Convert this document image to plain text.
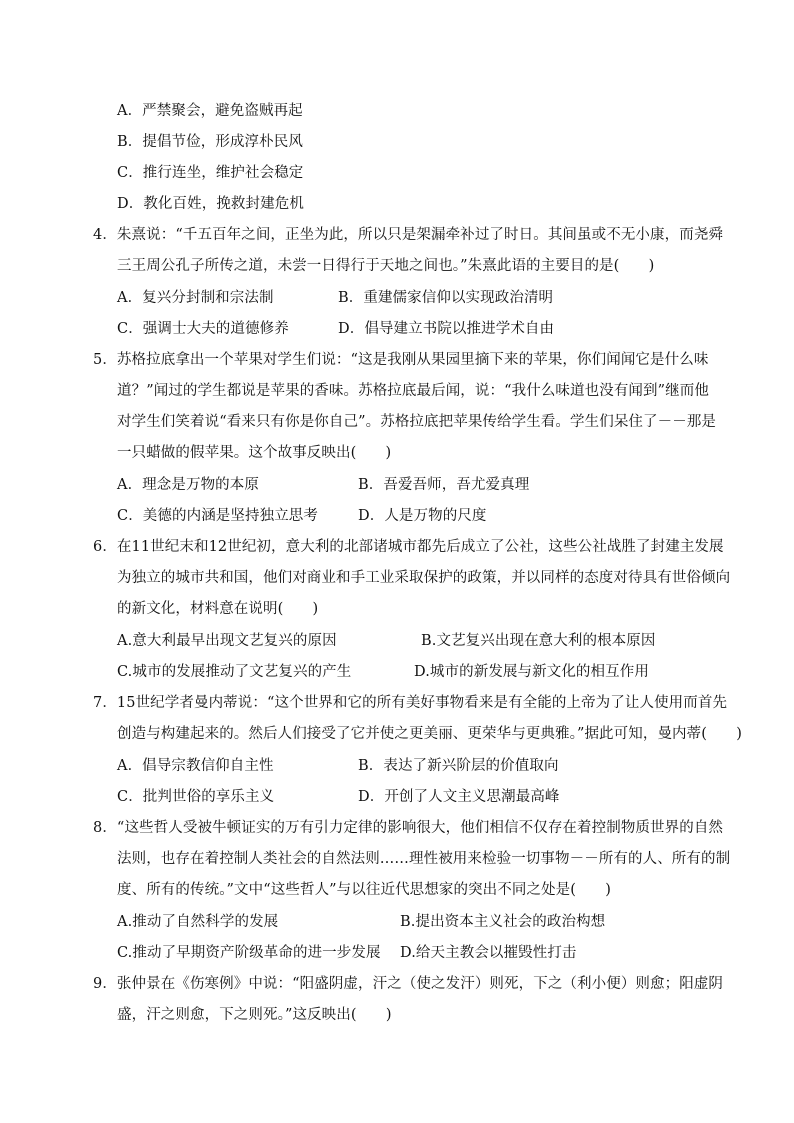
A．严禁聚会，避免盗贼再起
B．提倡节俭，形成淳朴民风
C．推行连坐，维护社会稳定
D．教化百姓，挽救封建危机
4．朱熹说：“千五百年之间，正坐为此，所以只是架漏牵补过了时日。其间虽或不无小康，而尧舜
三王周公孔子所传之道，未尝一日得行于天地之间也。”朱熹此语的主要目的是(　　)
A．复兴分封制和宗法制	B．重建儒家信仰以实现政治清明
C．强调士大夫的道德修养	D．倡导建立书院以推进学术自由
5．苏格拉底拿出一个苹果对学生们说：“这是我刚从果园里摘下来的苹果，你们闻闻它是什么味
道？”闻过的学生都说是苹果的香味。苏格拉底最后闻，说：“我什么味道也没有闻到”继而他
对学生们笑着说“看来只有你是你自己”。苏格拉底把苹果传给学生看。学生们呆住了－－那是
一只蜡做的假苹果。这个故事反映出(　　)
A．理念是万物的本原	B．吾爱吾师，吾尤爱真理
C．美德的内涵是坚持独立思考	D．人是万物的尺度
6．在11世纪末和12世纪初，意大利的北部诸城市都先后成立了公社，这些公社战胜了封建主发展
为独立的城市共和国，他们对商业和手工业采取保护的政策，并以同样的态度对待具有世俗倾向
的新文化，材料意在说明(　　)
A.意大利最早出现文艺复兴的原因	B.文艺复兴出现在意大利的根本原因
C.城市的发展推动了文艺复兴的产生	D.城市的新发展与新文化的相互作用
7．15世纪学者曼内蒂说：“这个世界和它的所有美好事物看来是有全能的上帝为了让人使用而首先
创造与构建起来的。然后人们接受了它并使之更美丽、更荣华与更典雅。”据此可知，曼内蒂(　　)
A．倡导宗教信仰自主性	B．表达了新兴阶层的价值取向
C．批判世俗的享乐主义	D．开创了人文主义思潮最高峰
8．“这些哲人受被牛顿证实的万有引力定律的影响很大，他们相信不仅存在着控制物质世界的自然
法则，也存在着控制人类社会的自然法则……理性被用来检验一切事物－－所有的人、所有的制
度、所有的传统。”文中“这些哲人”与以往近代思想家的突出不同之处是(　　)
A.推动了自然科学的发展	B.提出资本主义社会的政治构想
C.推动了早期资产阶级革命的进一步发展 D.给天主教会以摧毁性打击
9．张仲景在《伤寒例》中说：“阳盛阴虚，汗之（使之发汗）则死，下之（利小便）则愈；阳虚阴
盛，汗之则愈，下之则死。”这反映出(　　)
